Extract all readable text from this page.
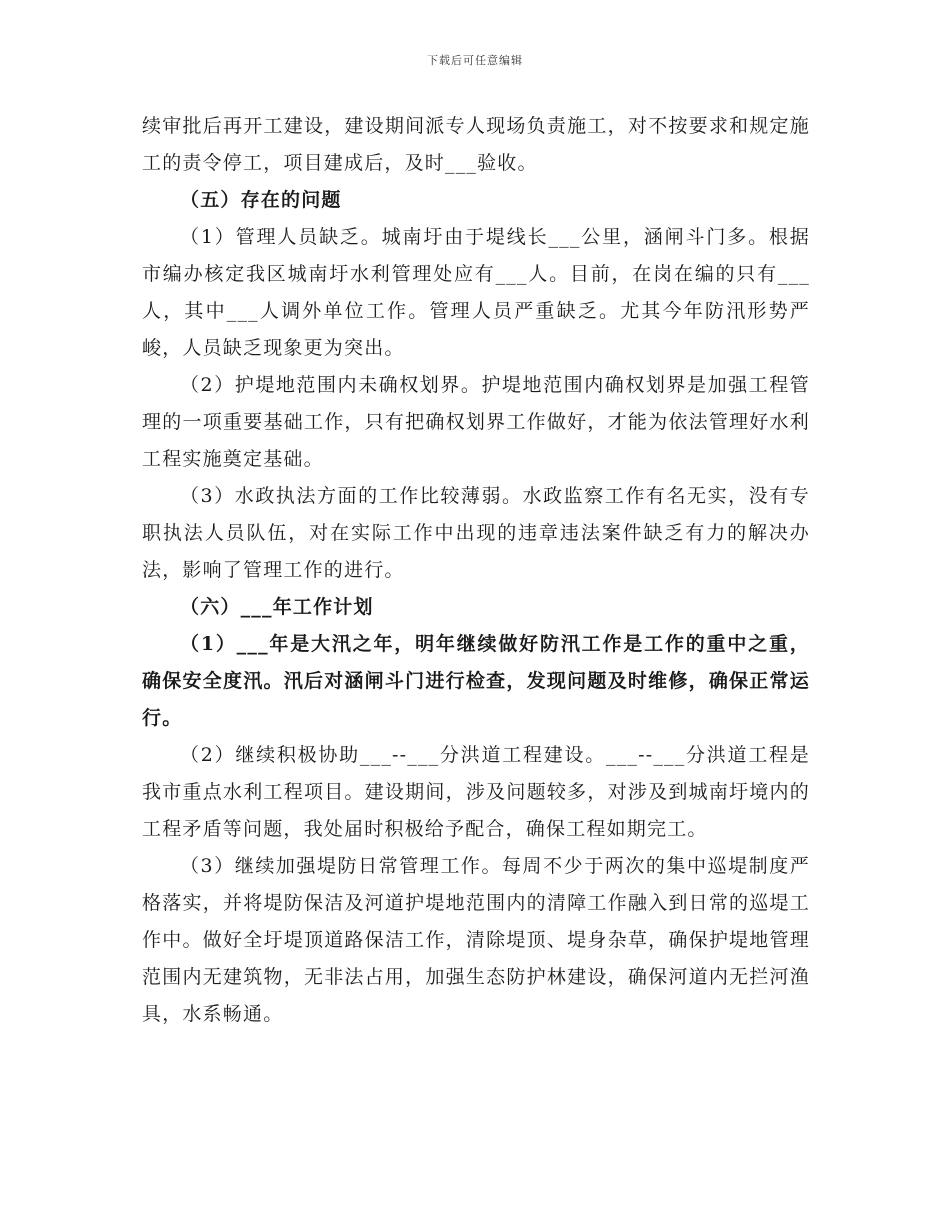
下载后可任意编辑

续审批后再开工建设，建设期间派专人现场负责施工，对不按要求和规定施工的责令停工，项目建成后，及时___验收。

（五）存在的问题

（1）管理人员缺乏。城南圩由于堤线长___公里，涵闸斗门多。根据市编办核定我区城南圩水利管理处应有___人。目前，在岗在编的只有___人，其中___人调外单位工作。管理人员严重缺乏。尤其今年防汛形势严峻，人员缺乏现象更为突出。

（2）护堤地范围内未确权划界。护堤地范围内确权划界是加强工程管理的一项重要基础工作，只有把确权划界工作做好，才能为依法管理好水利工程实施奠定基础。

（3）水政执法方面的工作比较薄弱。水政监察工作有名无实，没有专职执法人员队伍，对在实际工作中出现的违章违法案件缺乏有力的解决办法，影响了管理工作的进行。

（六）___年工作计划

（1）___年是大汛之年，明年继续做好防汛工作是工作的重中之重，确保安全度汛。汛后对涵闸斗门进行检查，发现问题及时维修，确保正常运行。

（2）继续积极协助___--___分洪道工程建设。___--___分洪道工程是我市重点水利工程项目。建设期间，涉及问题较多，对涉及到城南圩境内的工程矛盾等问题，我处届时积极给予配合，确保工程如期完工。

（3）继续加强堤防日常管理工作。每周不少于两次的集中巡堤制度严格落实，并将堤防保洁及河道护堤地范围内的清障工作融入到日常的巡堤工作中。做好全圩堤顶道路保洁工作，清除堤顶、堤身杂草，确保护堤地管理范围内无建筑物，无非法占用，加强生态防护林建设，确保河道内无拦河渔具，水系畅通。
